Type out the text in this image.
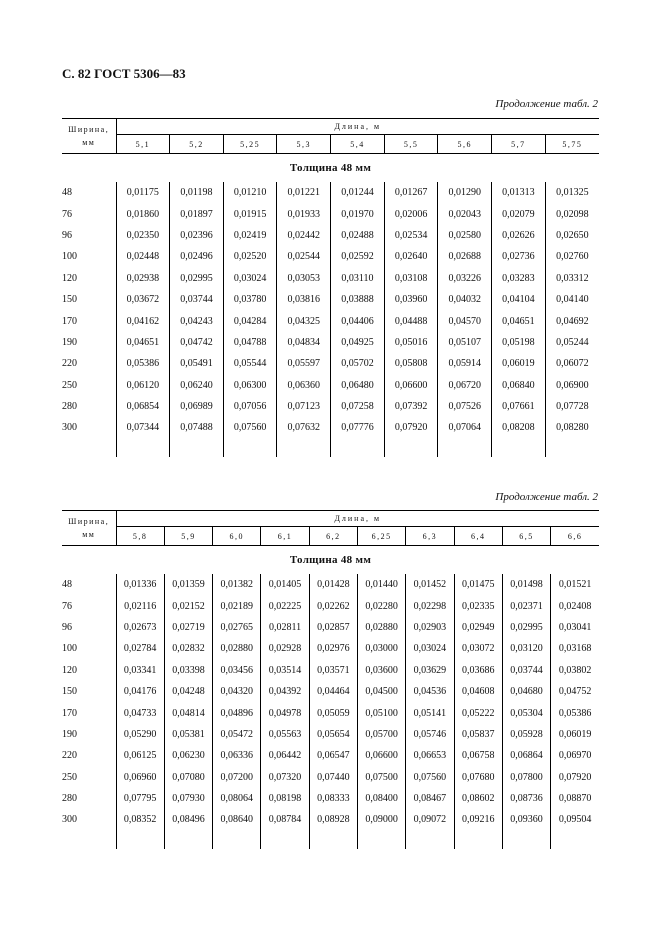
С. 82 ГОСТ 5306—83
Продолжение табл. 2
Ширина,
мм	Длина, м								
	5,1	5,2	5,25	5,3	5,4	5,5	5,6	5,7	5,75
Толщина 48 мм									
48	0,01175	0,01198	0,01210	0,01221	0,01244	0,01267	0,01290	0,01313	0,01325
76	0,01860	0,01897	0,01915	0,01933	0,01970	0,02006	0,02043	0,02079	0,02098
96	0,02350	0,02396	0,02419	0,02442	0,02488	0,02534	0,02580	0,02626	0,02650
100	0,02448	0,02496	0,02520	0,02544	0,02592	0,02640	0,02688	0,02736	0,02760
120	0,02938	0,02995	0,03024	0,03053	0,03110	0,03108	0,03226	0,03283	0,03312
150	0,03672	0,03744	0,03780	0,03816	0,03888	0,03960	0,04032	0,04104	0,04140
170	0,04162	0,04243	0,04284	0,04325	0,04406	0,04488	0,04570	0,04651	0,04692
190	0,04651	0,04742	0,04788	0,04834	0,04925	0,05016	0,05107	0,05198	0,05244
220	0,05386	0,05491	0,05544	0,05597	0,05702	0,05808	0,05914	0,06019	0,06072
250	0,06120	0,06240	0,06300	0,06360	0,06480	0,06600	0,06720	0,06840	0,06900
280	0,06854	0,06989	0,07056	0,07123	0,07258	0,07392	0,07526	0,07661	0,07728
300	0,07344	0,07488	0,07560	0,07632	0,07776	0,07920	0,07064	0,08208	0,08280

Продолжение табл. 2
Ширина,
мм	Длина, м									
	5,8	5,9	6,0	6,1	6,2	6,25	6,3	6,4	6,5	6,6
Толщина 48 мм										
48	0,01336	0,01359	0,01382	0,01405	0,01428	0,01440	0,01452	0,01475	0,01498	0,01521
76	0,02116	0,02152	0,02189	0,02225	0,02262	0,02280	0,02298	0,02335	0,02371	0,02408
96	0,02673	0,02719	0,02765	0,02811	0,02857	0,02880	0,02903	0,02949	0,02995	0,03041
100	0,02784	0,02832	0,02880	0,02928	0,02976	0,03000	0,03024	0,03072	0,03120	0,03168
120	0,03341	0,03398	0,03456	0,03514	0,03571	0,03600	0,03629	0,03686	0,03744	0,03802
150	0,04176	0,04248	0,04320	0,04392	0,04464	0,04500	0,04536	0,04608	0,04680	0,04752
170	0,04733	0,04814	0,04896	0,04978	0,05059	0,05100	0,05141	0,05222	0,05304	0,05386
190	0,05290	0,05381	0,05472	0,05563	0,05654	0,05700	0,05746	0,05837	0,05928	0,06019
220	0,06125	0,06230	0,06336	0,06442	0,06547	0,06600	0,06653	0,06758	0,06864	0,06970
250	0,06960	0,07080	0,07200	0,07320	0,07440	0,07500	0,07560	0,07680	0,07800	0,07920
280	0,07795	0,07930	0,08064	0,08198	0,08333	0,08400	0,08467	0,08602	0,08736	0,08870
300	0,08352	0,08496	0,08640	0,08784	0,08928	0,09000	0,09072	0,09216	0,09360	0,09504
